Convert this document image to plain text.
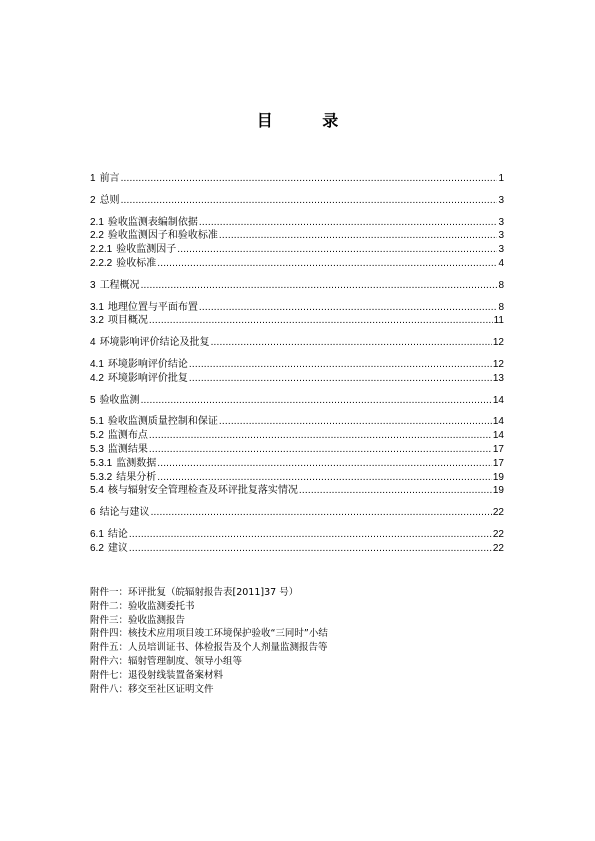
目 录
1 前言 .....	1
2 总则 .....	3
2.1 验收监测表编制依据 .....	3
2.2 验收监测因子和验收标准 .....	3
2.2.1 验收监测因子 .....	3
2.2.2 验收标准 .....	4
3 工程概况 .....	8
3.1 地理位置与平面布置 .....	8
3.2 项目概况 .....	11
4 环境影响评价结论及批复 .....	12
4.1 环境影响评价结论 .....	12
4.2 环境影响评价批复 .....	13
5 验收监测 .....	14
5.1 验收监测质量控制和保证 .....	14
5.2 监测布点 .....	14
5.3 监测结果 .....	17
5.3.1 监测数据 .....	17
5.3.2 结果分析 .....	19
5.4 核与辐射安全管理检查及环评批复落实情况 .....	19
6 结论与建议 .....	22
6.1 结论 .....	22
6.2 建议 .....	22
附件一：环评批复（皖辐射报告表[2011]37 号）
附件二：验收监测委托书
附件三：验收监测报告
附件四：核技术应用项目竣工环境保护验收“三同时”小结
附件五：人员培训证书、体检报告及个人剂量监测报告等
附件六：辐射管理制度、领导小组等
附件七：退役射线装置备案材料
附件八：移交至社区证明文件
